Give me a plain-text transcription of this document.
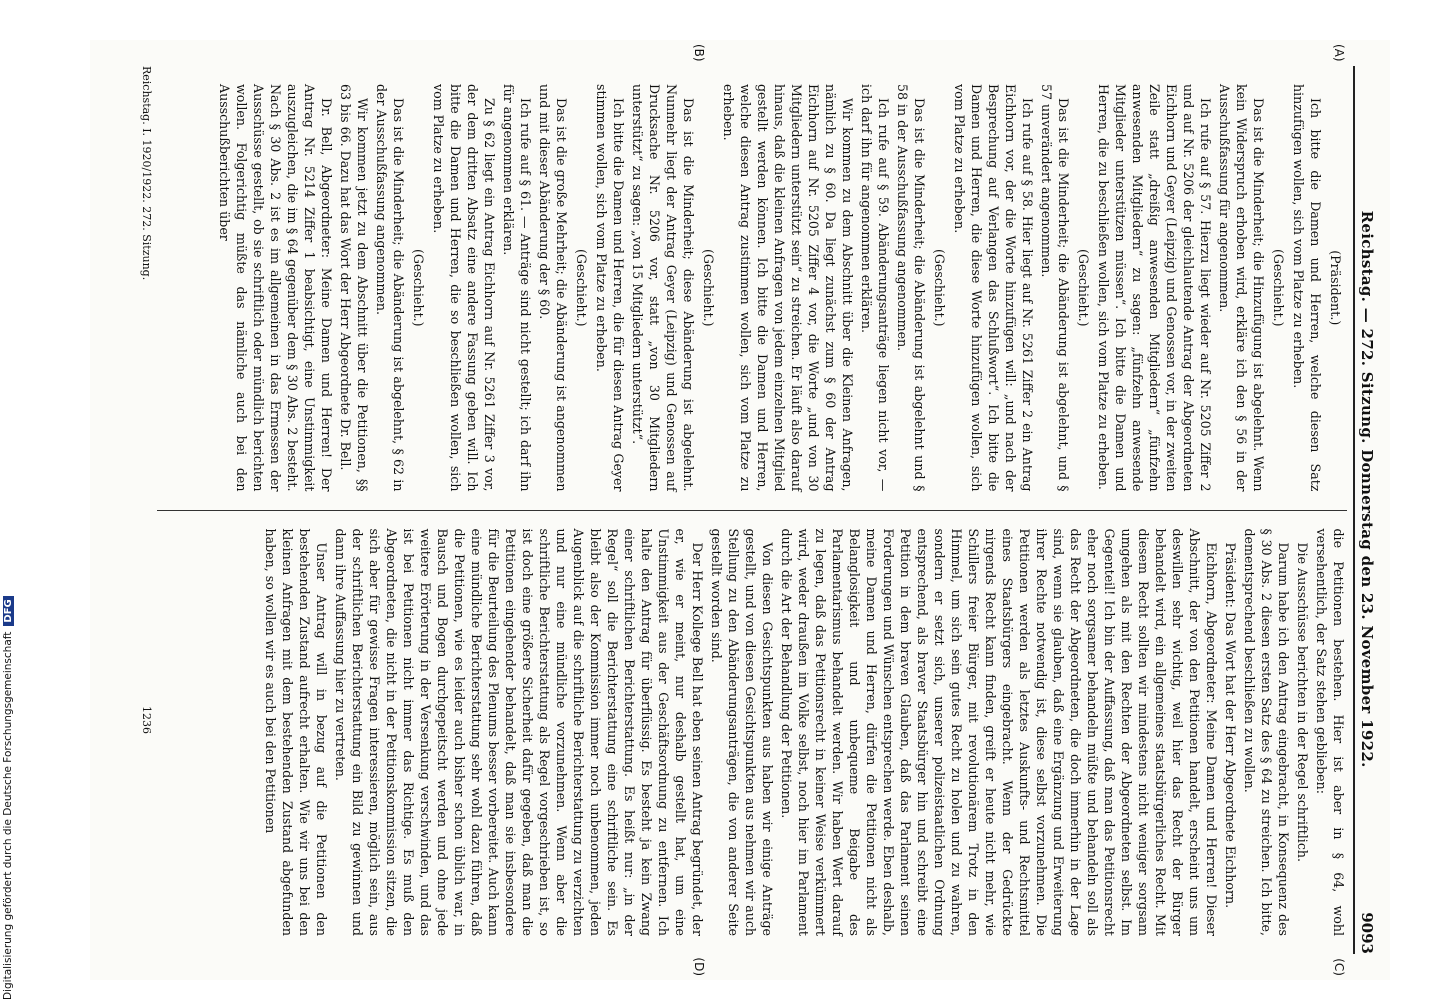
Reichstag. — 272. Sitzung. Donnerstag den 23. November 1922.
9093
(A)
(B)

(Präsident.)

Ich bitte die Damen und Herren, welche diesen Satz hinzufügen wollen, sich vom Platze zu erheben.

(Geschieht.)

Das ist die Minderheit; die Hinzufügung ist abgelehnt. Wenn kein Widerspruch erhoben wird, erkläre ich den § 56 in der Ausschußfassung für angenommen.

Ich rufe auf § 57. Hierzu liegt wieder auf Nr. 5205 Ziffer 2 und auf Nr. 5206 der gleichlautende Antrag der Abgeordneten Eichhorn und Geyer (Leipzig) und Genossen vor, in der zweiten Zeile statt „dreißig anwesenden Mitgliedern“ „fünfzehn anwesenden Mitgliedern“ zu sagen: „fünfzehn anwesende Mitglieder unterstützen müssen“. Ich bitte die Damen und Herren, die zu beschließen wollen, sich vom Platze zu erheben.

(Geschieht.)

Das ist die Minderheit; die Abänderung ist abgelehnt, und § 57 unverändert angenommen.

Ich rufe auf § 58. Hier liegt auf Nr. 5261 Ziffer 2 ein Antrag Eichhorn vor, der die Worte hinzufügen will: „und nach der Besprechung auf Verlangen das Schlußwort“. Ich bitte die Damen und Herren, die diese Worte hinzufügen wollen, sich vom Platze zu erheben.

(Geschieht.)

Das ist die Minderheit; die Abänderung ist abgelehnt und § 58 in der Ausschußfassung angenommen.

Ich rufe auf § 59. Abänderungsanträge liegen nicht vor, — ich darf ihn für angenommen erklären.

Wir kommen zu dem Abschnitt über die Kleinen Anfragen, nämlich zu § 60. Da liegt zunächst zum § 60 der Antrag Eichhorn auf Nr. 5205 Ziffer 4 vor, die Worte „und von 30 Mitgliedern unterstützt sein“ zu streichen. Er läuft also darauf hinaus, daß die kleinen Anfragen von jedem einzelnen Mitglied gestellt werden können. Ich bitte die Damen und Herren, welche diesen Antrag zustimmen wollen, sich vom Platze zu erheben.

(Geschieht.)

Das ist die Minderheit; diese Abänderung ist abgelehnt. Nunmehr liegt der Antrag Geyer (Leipzig) und Genossen auf Drucksache Nr. 5206 vor, statt „von 30 Mitgliedern unterstützt“ zu sagen: „von 15 Mitgliedern unterstützt“.

Ich bitte die Damen und Herren, die für diesen Antrag Geyer stimmen wollen, sich vom Platze zu erheben.

(Geschieht.)

Das ist die große Mehrheit; die Abänderung ist angenommen und mit dieser Abänderung der § 60.

Ich rufe auf § 61. — Anträge sind nicht gestellt; ich darf ihn für angenommen erklären.

Zu § 62 liegt ein Antrag Eichhorn auf Nr. 5261 Ziffer 3 vor, der dem dritten Absatz eine andere Fassung geben will. Ich bitte die Damen und Herren, die so beschließen wollen, sich vom Platze zu erheben.

(Geschieht.)

Das ist die Minderheit; die Abänderung ist abgelehnt, § 62 in der Ausschußfassung angenommen.

Wir kommen jetzt zu dem Abschnitt über die Petitionen, §§ 63 bis 66. Dazu hat das Wort der Herr Abgeordnete Dr. Bell.

Dr. Bell, Abgeordneter: Meine Damen und Herren! Der Antrag Nr. 5214 Ziffer 1 beabsichtigt, eine Unstimmigkeit auszugleichen, die im § 64 gegenüber dem § 30 Abs. 2 besteht. Nach § 30 Abs. 2 ist es im allgemeinen in das Ermessen der Ausschüsse gestellt, ob sie schriftlich oder mündlich berichten wollen. Folgerichtig müßte das nämliche auch bei den Ausschußberichten über

(C)
(D)

die Petitionen bestehen. Hier ist aber in § 64, wohl versehentlich, der Satz stehen geblieben:

Die Ausschüsse berichten in der Regel schriftlich.

Darum habe ich den Antrag eingebracht, in Konsequenz des § 30 Abs. 2 diesen ersten Satz des § 64 zu streichen. Ich bitte, dementsprechend beschließen zu wollen.

Präsident: Das Wort hat der Herr Abgeordnete Eichhorn.

Eichhorn, Abgeordneter: Meine Damen und Herren! Dieser Abschnitt, der von den Petitionen handelt, erscheint uns um deswillen sehr wichtig, weil hier das Recht der Bürger behandelt wird, ein allgemeines staatsbürgerliches Recht. Mit diesem Recht sollten wir mindestens nicht weniger sorgsam umgehen als mit den Rechten der Abgeordneten selbst. Im Gegenteil! Ich bin der Auffassung, daß man das Petitionsrecht eher noch sorgsamer behandeln müßte und behandeln soll als das Recht der Abgeordneten, die doch immerhin in der Lage sind, wenn sie glauben, daß eine Ergänzung und Erweiterung ihrer Rechte notwendig ist, diese selbst vorzunehmen. Die Petitionen werden als letztes Auskunfts- und Rechtsmittel eines Staatsbürgers eingebracht. Wenn der Gedrückte nirgends Recht kann finden, greift er heute nicht mehr, wie Schillers freier Bürger, mit revolutionärem Trotz in den Himmel, um sich sein gutes Recht zu holen und zu wahren, sondern er setzt sich, unserer polizeistaatlichen Ordnung entsprechend, als braver Staatsbürger hin und schreibt eine Petition in dem braven Glauben, daß das Parlament seinen Forderungen und Wünschen entsprechen werde. Eben deshalb, meine Damen und Herren, dürfen die Petitionen nicht als Belanglosigkeit und unbequeme Beigabe des Parlamentarismus behandelt werden. Wir haben Wert darauf zu legen, daß das Petitionsrecht in keiner Weise verkümmert wird, weder draußen im Volke selbst, noch hier im Parlament durch die Art der Behandlung der Petitionen.

Von diesen Gesichtspunkten aus haben wir einige Anträge gestellt, und von diesen Gesichtspunkten aus nehmen wir auch Stellung zu den Abänderungsanträgen, die von anderer Seite gestellt worden sind.

Der Herr Kollege Bell hat eben seinen Antrag begründet, der er, wie er meint, nur deshalb gestellt hat, um eine Unstimmigkeit aus der Geschäftsordnung zu entfernen. Ich halte den Antrag für überflüssig. Es besteht ja kein Zwang einer schriftlichen Berichterstattung. Es heißt nur: „in der Regel“ soll die Berichterstattung eine schriftliche sein. Es bleibt also der Kommission immer noch unbenommen, jeden Augenblick auf die schriftliche Berichterstattung zu verzichten und nur eine mündliche vorzunehmen. Wenn aber die schriftliche Berichterstattung als Regel vorgeschrieben ist, so ist doch eine größere Sicherheit dafür gegeben, daß man die Petitionen eingehender behandelt, daß man sie insbesondere für die Beurteilung des Plenums besser vorbereitet. Auch kann eine mündliche Berichterstattung sehr wohl dazu führen, daß die Petitionen, wie es leider auch bisher schon üblich war, in Bausch und Bogen durchgepeitscht werden und ohne jede weitere Erörterung in der Versenkung verschwinden, und das ist bei Petitionen nicht immer das Richtige. Es muß den Abgeordneten, die nicht in der Petitionskommission sitzen, die sich aber für gewisse Fragen interessieren, möglich sein, aus der schriftlichen Berichterstattung ein Bild zu gewinnen und dann ihre Auffassung hier zu vertreten.

Unser Antrag will in bezug auf die Petitionen den bestehenden Zustand aufrecht erhalten. Wie wir uns bei den kleinen Anfragen mit dem bestehenden Zustand abgefunden haben, so wollen wir es auch bei den Petitionen

Reichstag. I. 1920/1922. 272. Sitzung.
1236
Digitalisierung gefördert durch die Deutsche Forschungsgemeinschaft
DFG
